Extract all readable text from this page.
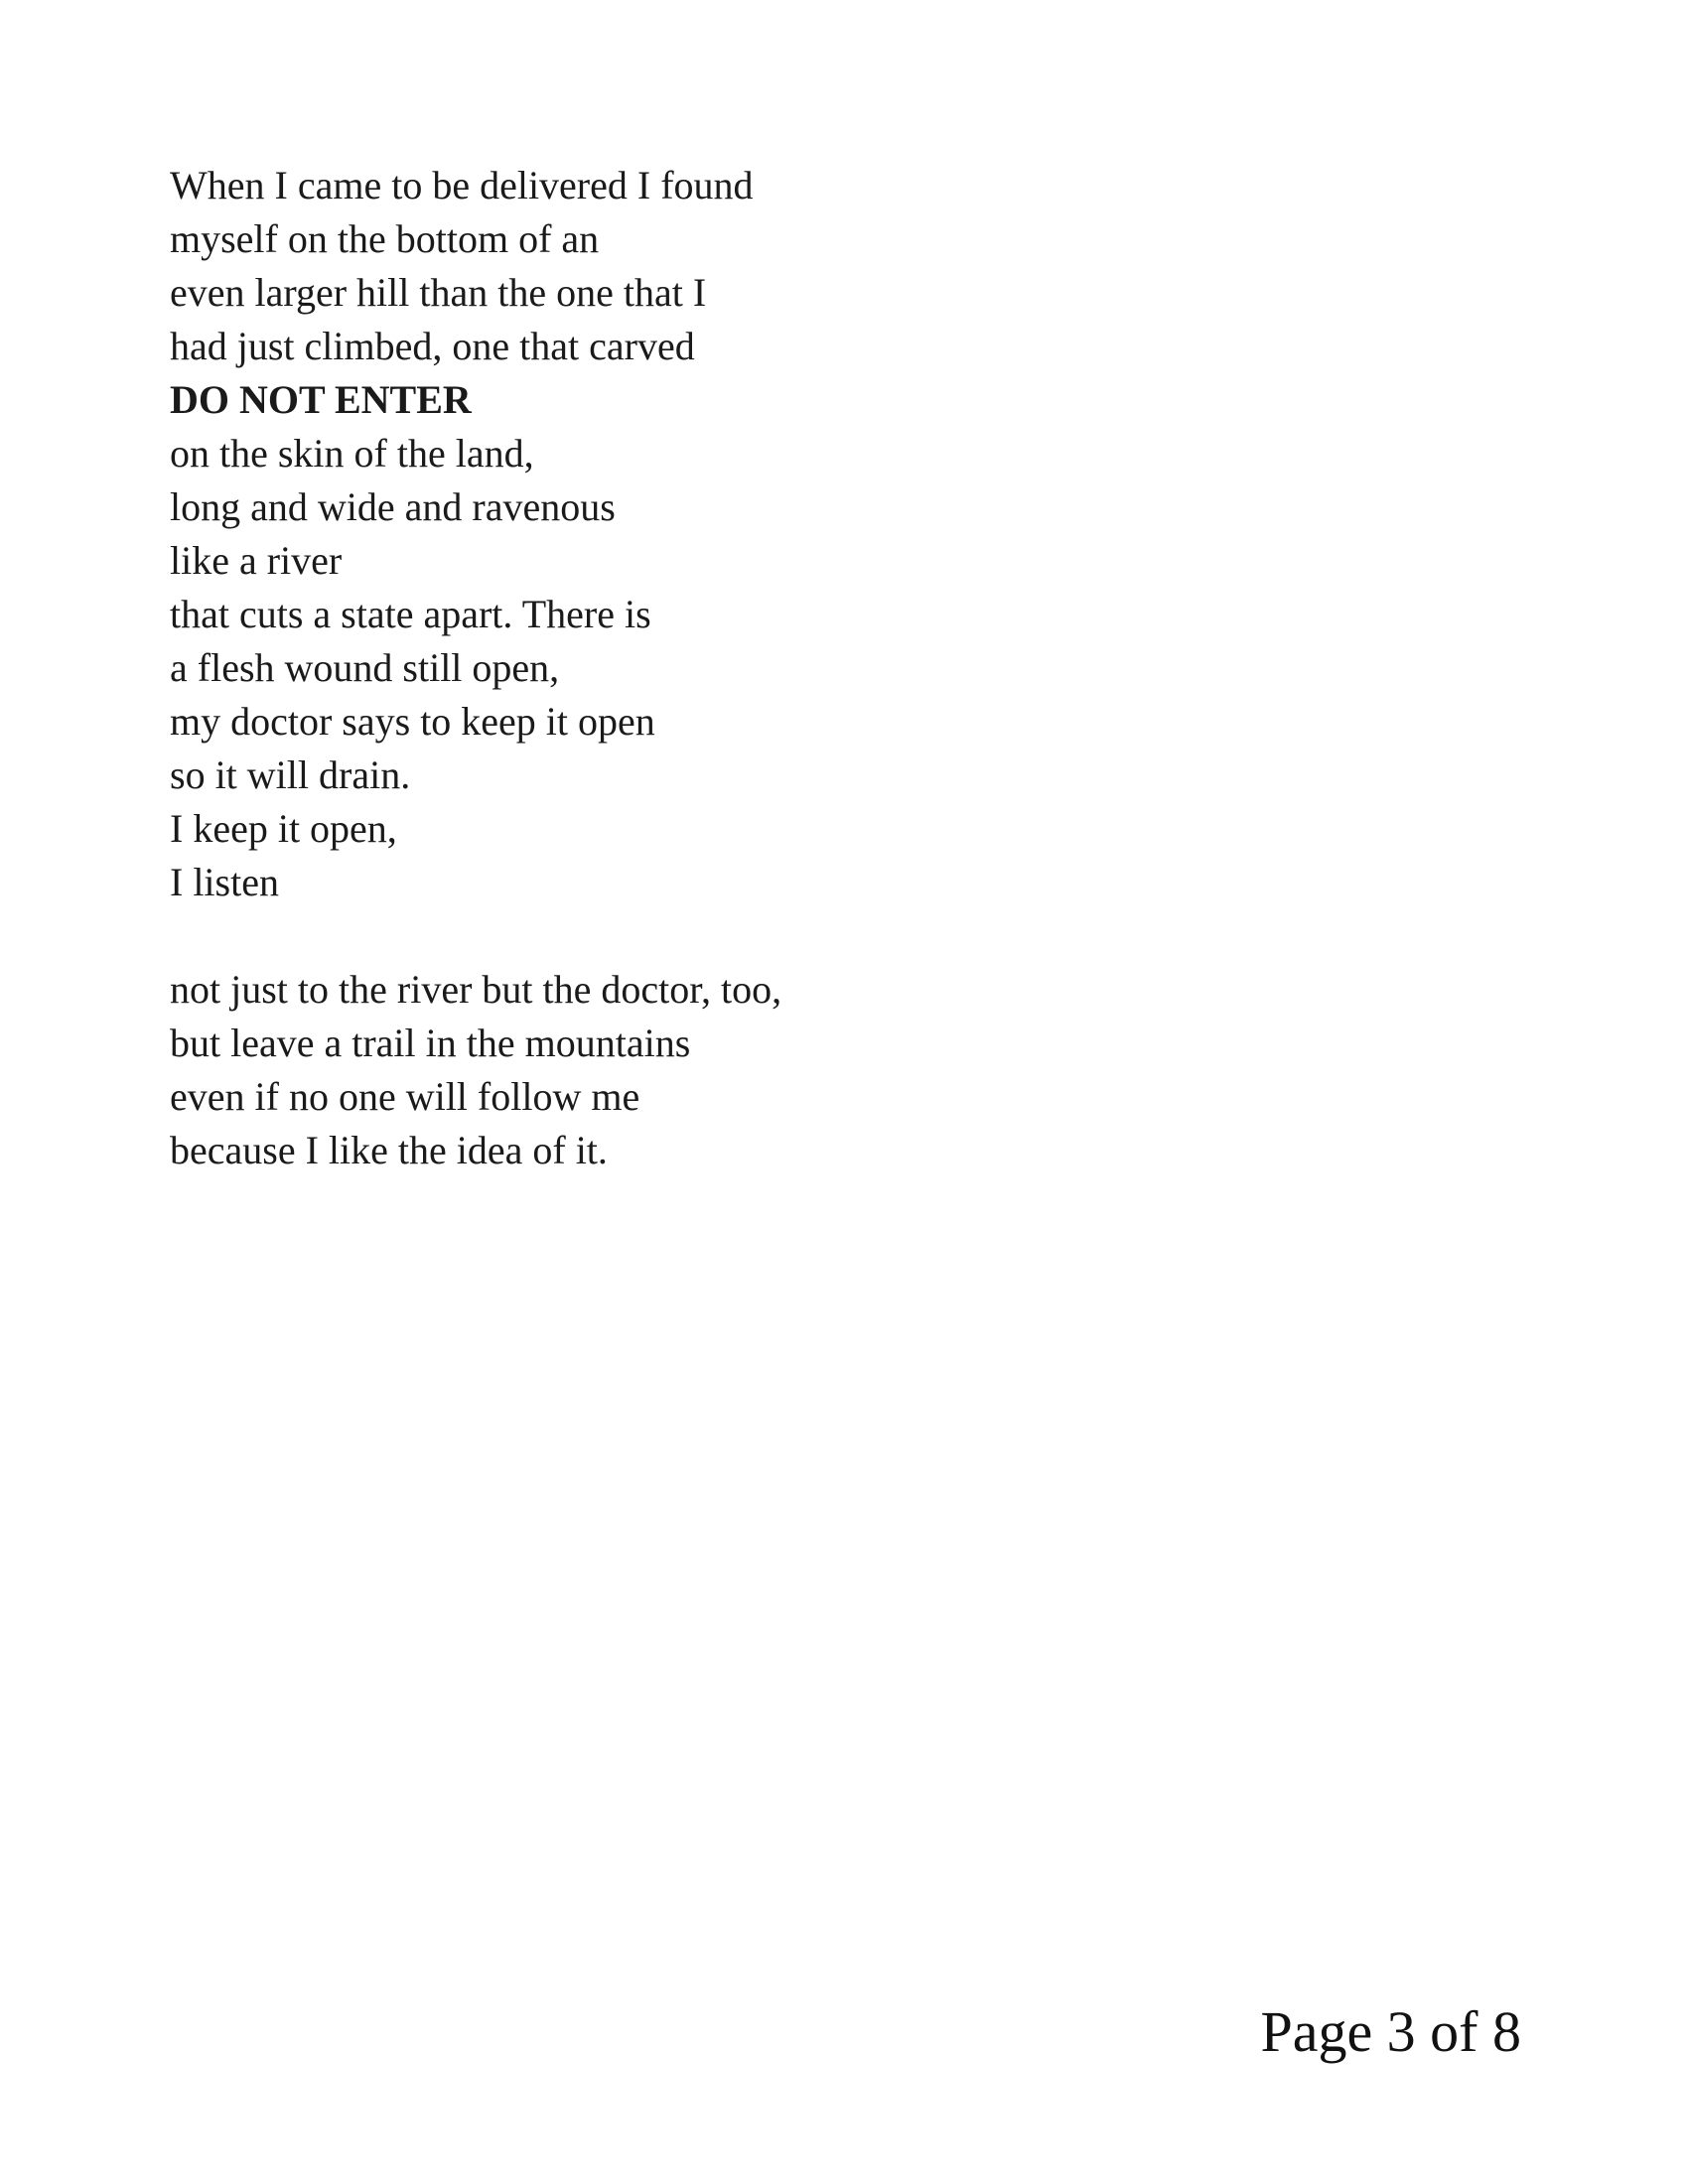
When I came to be delivered I found
myself on the bottom of an
even larger hill than the one that I
had just climbed, one that carved
DO NOT ENTER
on the skin of the land,
long and wide and ravenous
like a river
that cuts a state apart. There is
a flesh wound still open,
my doctor says to keep it open
so it will drain.
I keep it open,
I listen
not just to the river but the doctor, too,
but leave a trail in the mountains
even if no one will follow me
because I like the idea of it.
Page 3 of 8
